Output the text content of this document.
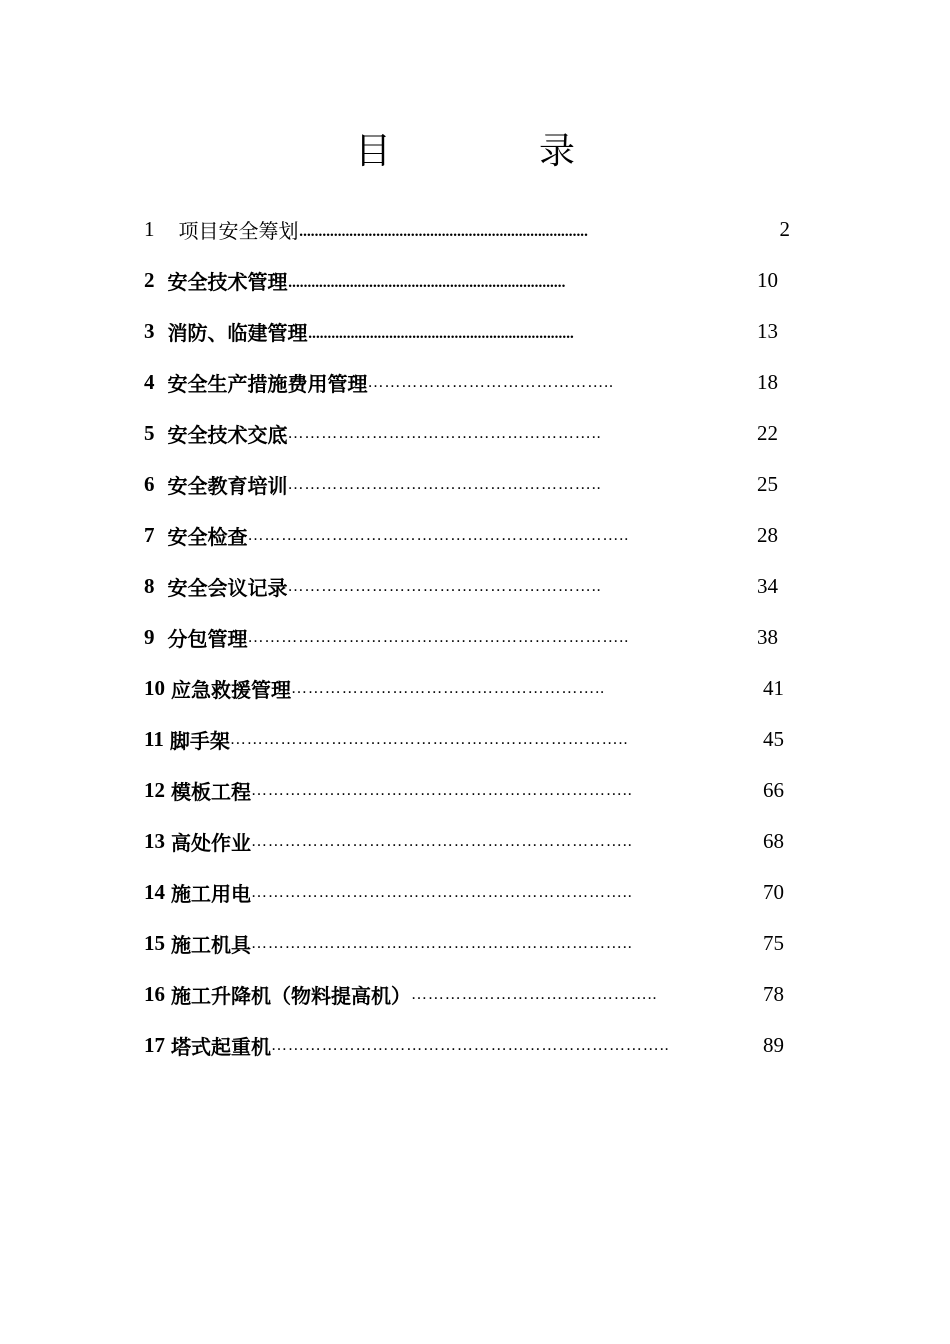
目　录
1 项目安全筹划 ...........................................................................	2
2 安全技术管理 ........................................................................	10
3 消防、临建管理 .....................................................................	13
4 安全生产措施费用管理 ……………………………………..	18
5 安全技术交底 ………………………………………………..	22
6 安全教育培训 ………………………………………………..	25
7 安全检查 …………………………………………………………..	28
8 安全会议记录 ………………………………………………..	34
9 分包管理 …………………………………………………………..	38
10 应急救援管理 ………………………………………………..	41
11 脚手架 ……………………………………………………………..	45
12 模板工程 …………………………………………………………..	66
13 高处作业 …………………………………………………………..	68
14 施工用电 …………………………………………………………..	70
15 施工机具 …………………………………………………………..	75
16 施工升降机（物料提高机） ……………………………………..	78
17 塔式起重机 ……………………………………………………………..	89
